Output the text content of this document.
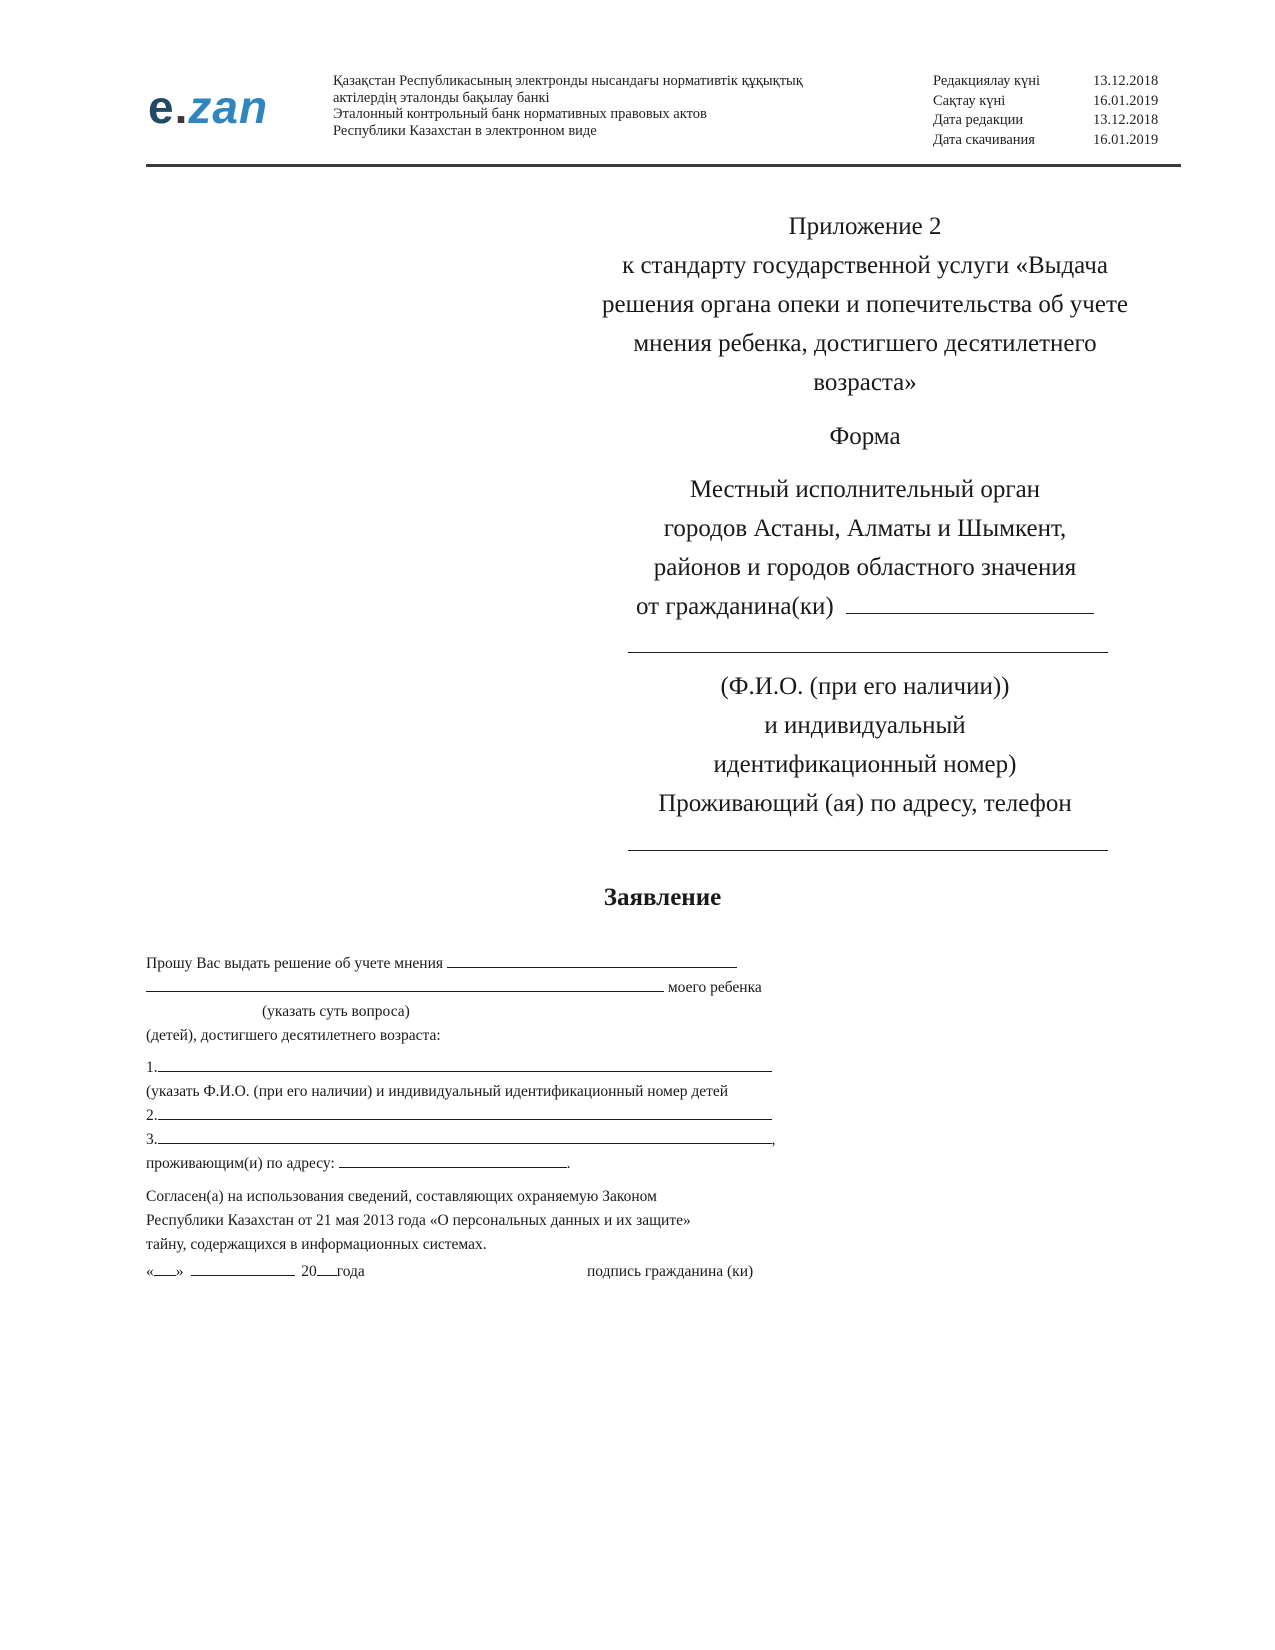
e.zan	Қазақстан Республикасының электронды нысандағы нормативтік құқықтық
актілердің эталонды бақылау банкі
Эталонный контрольный банк нормативных правовых актов
Республики Казахстан в электронном виде
Редакциялау күні	13.12.2018
Сақтау күні	16.01.2019
Дата редакции	13.12.2018
Дата скачивания	16.01.2019
Приложение 2
к стандарту государственной услуги «Выдача
решения органа опеки и попечительства об учете
мнения ребенка, достигшего десятилетнего
возраста»
Форма
Местный исполнительный орган
городов Астаны, Алматы и Шымкент,
районов и городов областного значения
от гражданина(ки)
(Ф.И.О. (при его наличии))
и индивидуальный
идентификационный номер)
Проживающий (ая) по адресу, телефон
Заявление
Прошу Вас выдать решение об учете мнения
моего ребенка
(указать суть вопроса)
(детей), достигшего десятилетнего возраста:
1.
(указать Ф.И.О. (при его наличии) и индивидуальный идентификационный номер детей
2.
3.	,
проживающим(и) по адресу:	.
Согласен(а) на использования сведений, составляющих охраняемую Законом
Республики Казахстан от 21 мая 2013 года «О персональных данных и их защите»
тайну, содержащихся в информационных системах.
« »	20 года	подпись гражданина (ки)
